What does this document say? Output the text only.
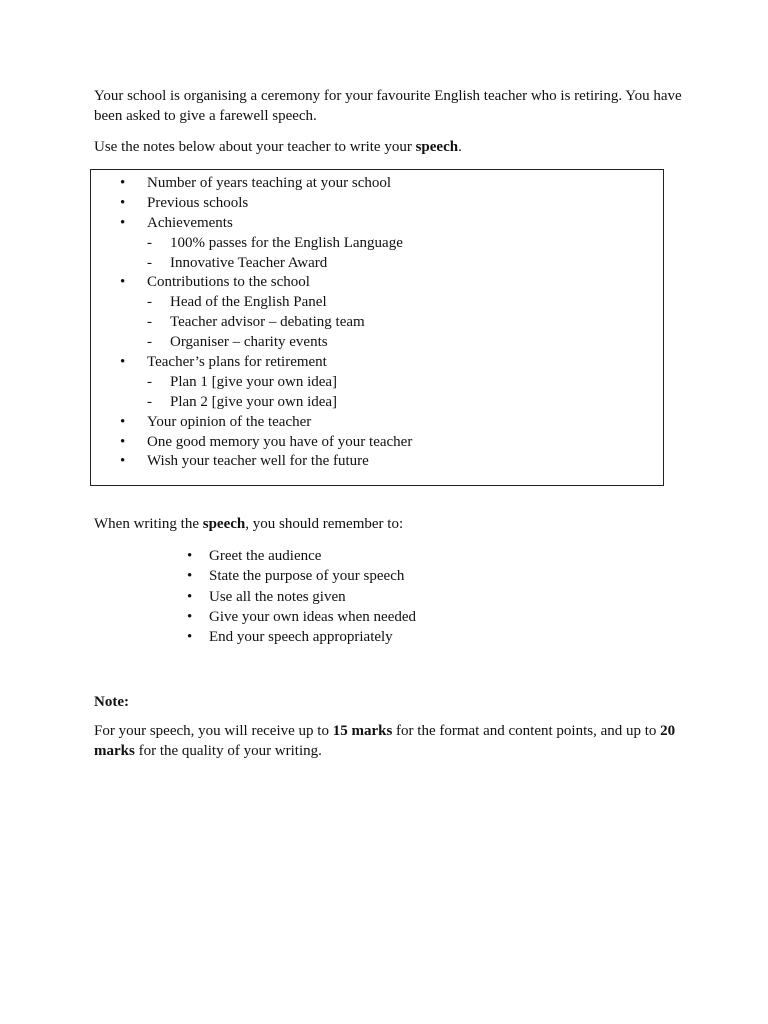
Your school is organising a ceremony for your favourite English teacher who is retiring. You have been asked to give a farewell speech.

Use the notes below about your teacher to write your speech.

• Number of years teaching at your school
• Previous schools
• Achievements
- 100% passes for the English Language
- Innovative Teacher Award
• Contributions to the school
- Head of the English Panel
- Teacher advisor – debating team
- Organiser – charity events
• Teacher’s plans for retirement
- Plan 1 [give your own idea]
- Plan 2 [give your own idea]
• Your opinion of the teacher
• One good memory you have of your teacher
• Wish your teacher well for the future

When writing the speech, you should remember to:

• Greet the audience
• State the purpose of your speech
• Use all the notes given
• Give your own ideas when needed
• End your speech appropriately

Note:

For your speech, you will receive up to 15 marks for the format and content points, and up to 20 marks for the quality of your writing.
